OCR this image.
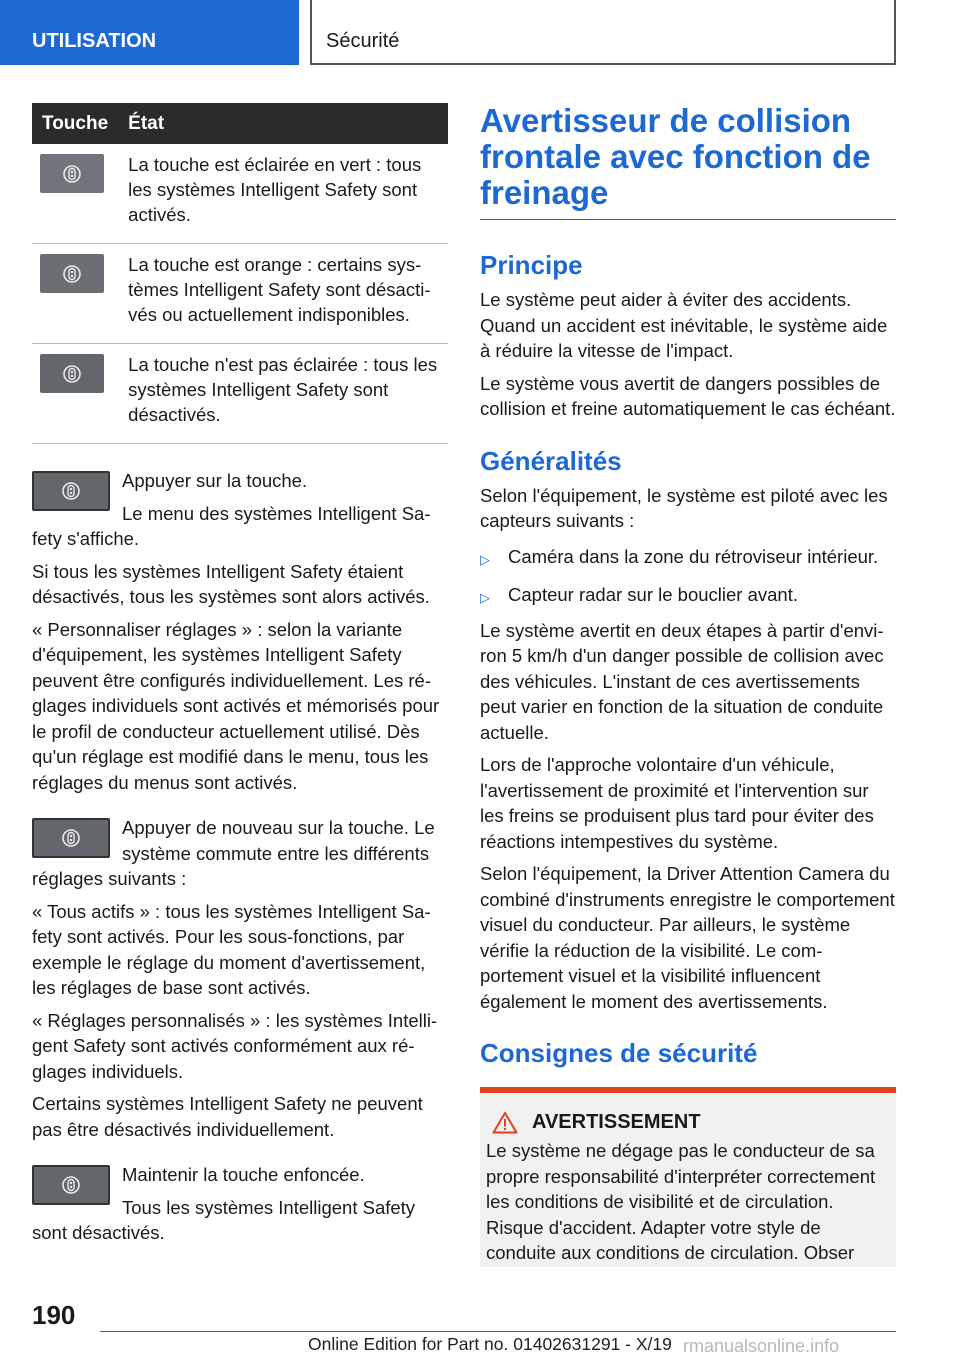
UTILISATION	Sécurité
Touche	État

	La touche est éclairée en vert : tous les systèmes Intelligent Safety sont activés.

	La touche est orange : certains systèmes Intelligent Safety sont désactivés ou actuellement indisponibles.

	La touche n'est pas éclairée : tous les systèmes Intelligent Safety sont désactivés.

Appuyer sur la touche.

Le menu des systèmes Intelligent Safety s'affiche.

Si tous les systèmes Intelligent Safety étaient désactivés, tous les systèmes sont alors activés.

« Personnaliser réglages » : selon la variante d'équipement, les systèmes Intelligent Safety peuvent être configurés individuellement. Les réglages individuels sont activés et mémorisés pour le profil de conducteur actuellement utilisé. Dès qu'un réglage est modifié dans le menu, tous les réglages du menus sont activés.

Appuyer de nouveau sur la touche. Le système commute entre les différents réglages suivants :

« Tous actifs » : tous les systèmes Intelligent Safety sont activés. Pour les sous-fonctions, par exemple le réglage du moment d'avertissement, les réglages de base sont activés.

« Réglages personnalisés » : les systèmes Intelligent Safety sont activés conformément aux réglages individuels.

Certains systèmes Intelligent Safety ne peuvent pas être désactivés individuellement.

Maintenir la touche enfoncée.

Tous les systèmes Intelligent Safety sont désactivés.

Avertisseur de collision frontale avec fonction de freinage
Principe

Le système peut aider à éviter des accidents. Quand un accident est inévitable, le système aide à réduire la vitesse de l'impact.

Le système vous avertit de dangers possibles de collision et freine automatiquement le cas échéant.

Généralités

Selon l'équipement, le système est piloté avec les capteurs suivants :

▷ Caméra dans la zone du rétroviseur intérieur.
▷ Capteur radar sur le bouclier avant.

Le système avertit en deux étapes à partir d'environ 5 km/h d'un danger possible de collision avec des véhicules. L'instant de ces avertissements peut varier en fonction de la situation de conduite actuelle.

Lors de l'approche volontaire d'un véhicule, l'avertissement de proximité et l'intervention sur les freins se produisent plus tard pour éviter des réactions intempestives du système.

Selon l'équipement, la Driver Attention Camera du combiné d'instruments enregistre le comportement visuel du conducteur. Par ailleurs, le système vérifie la réduction de la visibilité. Le comportement visuel et la visibilité influencent également le moment des avertissements.

Consignes de sécurité
AVERTISSEMENT

Le système ne dégage pas le conducteur de sa propre responsabilité d'interpréter correctement les conditions de visibilité et de circulation. Risque d'accident. Adapter votre style de conduite aux conditions de circulation. Obser

190
Online Edition for Part no. 01402631291 - X/19 rmanualsonline.info
